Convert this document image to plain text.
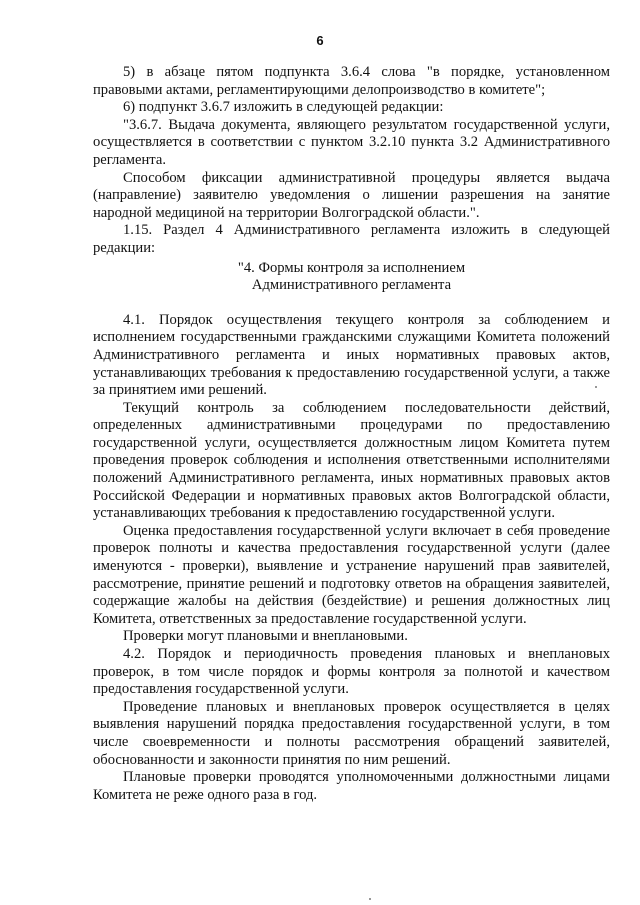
6

5) в абзаце пятом подпункта 3.6.4 слова "в порядке, установленном правовыми актами, регламентирующими делопроизводство в комитете";

6) подпункт 3.6.7 изложить в следующей редакции:

"3.6.7. Выдача документа, являющего результатом государственной услуги, осуществляется в соответствии с пунктом 3.2.10 пункта 3.2 Административного регламента.

Способом фиксации административной процедуры является выдача (направление) заявителю уведомления о лишении разрешения на занятие народной медициной на территории Волгоградской области.".

1.15. Раздел 4 Административного регламента изложить в следующей редакции:

"4. Формы контроля за исполнением
Административного регламента

4.1. Порядок осуществления текущего контроля за соблюдением и исполнением государственными гражданскими служащими Комитета положений Административного регламента и иных нормативных правовых актов, устанавливающих требования к предоставлению государственной услуги, а также за принятием ими решений.

Текущий контроль за соблюдением последовательности действий, определенных административными процедурами по предоставлению государственной услуги, осуществляется должностным лицом Комитета путем проведения проверок соблюдения и исполнения ответственными исполнителями положений Административного регламента, иных нормативных правовых актов Российской Федерации и нормативных правовых актов Волгоградской области, устанавливающих требования к предоставлению государственной услуги.

Оценка предоставления государственной услуги включает в себя проведение проверок полноты и качества предоставления государственной услуги (далее именуются - проверки), выявление и устранение нарушений прав заявителей, рассмотрение, принятие решений и подготовку ответов на обращения заявителей, содержащие жалобы на действия (бездействие) и решения должностных лиц Комитета, ответственных за предоставление государственной услуги.

Проверки могут плановыми и внеплановыми.

4.2. Порядок и периодичность проведения плановых и внеплановых проверок, в том числе порядок и формы контроля за полнотой и качеством предоставления государственной услуги.

Проведение плановых и внеплановых проверок осуществляется в целях выявления нарушений порядка предоставления государственной услуги, в том числе своевременности и полноты рассмотрения обращений заявителей, обоснованности и законности принятия по ним решений.

Плановые проверки проводятся уполномоченными должностными лицами Комитета не реже одного раза в год.
